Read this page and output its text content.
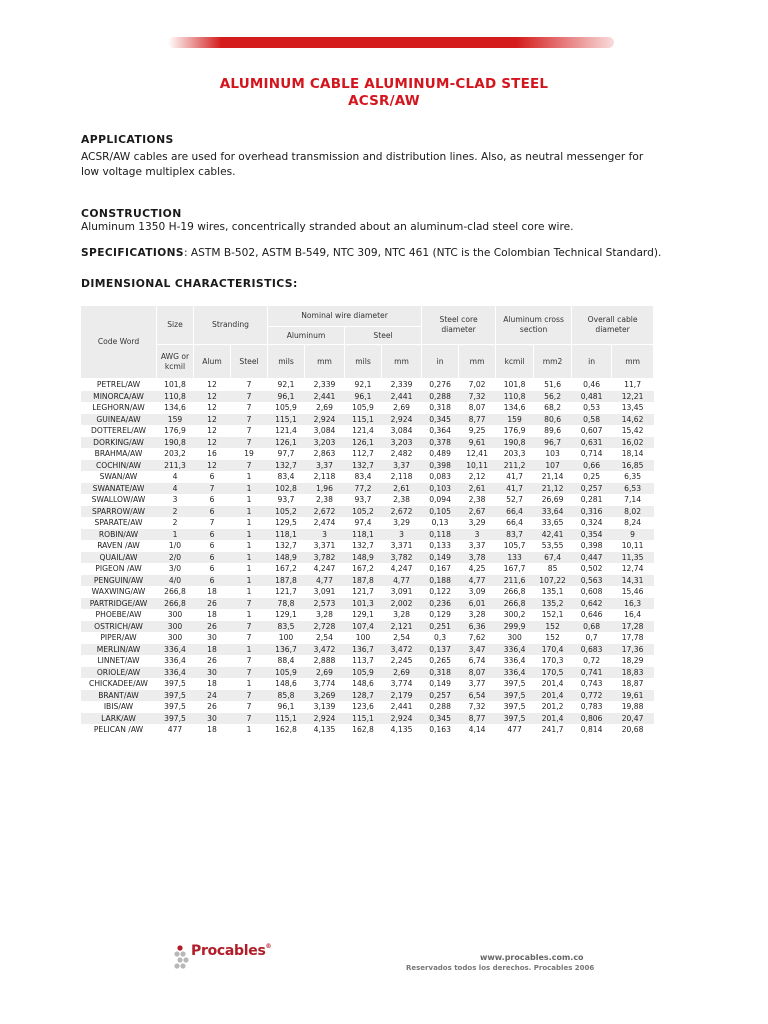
ALUMINUM CABLE ALUMINUM-CLAD STEEL
ACSR/AW
APPLICATIONS
ACSR/AW cables are used for overhead transmission and distribution lines. Also, as neutral messenger for
low voltage multiplex cables.
CONSTRUCTION
Aluminum 1350 H-19 wires, concentrically stranded about an aluminum-clad steel core wire.
SPECIFICATIONS: ASTM B-502, ASTM B-549, NTC 309, NTC 461 (NTC is the Colombian Technical Standard).
DIMENSIONAL CHARACTERISTICS:
Code Word	Size	Stranding		Nominal wire diameter				Steel core diameter		Aluminum cross section		Overall cable diameter	
				Aluminum		Steel							
	AWG or kcmil	Alum	Steel	mils	mm	mils	mm	in	mm	kcmil	mm2	in	mm
PETREL/AW	101,8	12	7	92,1	2,339	92,1	2,339	0,276	7,02	101,8	51,6	0,46	11,7
MINORCA/AW	110,8	12	7	96,1	2,441	96,1	2,441	0,288	7,32	110,8	56,2	0,481	12,21
LEGHORN/AW	134,6	12	7	105,9	2,69	105,9	2,69	0,318	8,07	134,6	68,2	0,53	13,45
GUINEA/AW	159	12	7	115,1	2,924	115,1	2,924	0,345	8,77	159	80,6	0,58	14,62
DOTTEREL/AW	176,9	12	7	121,4	3,084	121,4	3,084	0,364	9,25	176,9	89,6	0,607	15,42
DORKING/AW	190,8	12	7	126,1	3,203	126,1	3,203	0,378	9,61	190,8	96,7	0,631	16,02
BRAHMA/AW	203,2	16	19	97,7	2,863	112,7	2,482	0,489	12,41	203,3	103	0,714	18,14
COCHIN/AW	211,3	12	7	132,7	3,37	132,7	3,37	0,398	10,11	211,2	107	0,66	16,85
SWAN/AW	4	6	1	83,4	2,118	83,4	2,118	0,083	2,12	41,7	21,14	0,25	6,35
SWANATE/AW	4	7	1	102,8	1,96	77,2	2,61	0,103	2,61	41,7	21,12	0,257	6,53
SWALLOW/AW	3	6	1	93,7	2,38	93,7	2,38	0,094	2,38	52,7	26,69	0,281	7,14
SPARROW/AW	2	6	1	105,2	2,672	105,2	2,672	0,105	2,67	66,4	33,64	0,316	8,02
SPARATE/AW	2	7	1	129,5	2,474	97,4	3,29	0,13	3,29	66,4	33,65	0,324	8,24
ROBIN/AW	1	6	1	118,1	3	118,1	3	0,118	3	83,7	42,41	0,354	9
RAVEN /AW	1/0	6	1	132,7	3,371	132,7	3,371	0,133	3,37	105,7	53,55	0,398	10,11
QUAIL/AW	2/0	6	1	148,9	3,782	148,9	3,782	0,149	3,78	133	67,4	0,447	11,35
PIGEON /AW	3/0	6	1	167,2	4,247	167,2	4,247	0,167	4,25	167,7	85	0,502	12,74
PENGUIN/AW	4/0	6	1	187,8	4,77	187,8	4,77	0,188	4,77	211,6	107,22	0,563	14,31
WAXWING/AW	266,8	18	1	121,7	3,091	121,7	3,091	0,122	3,09	266,8	135,1	0,608	15,46
PARTRIDGE/AW	266,8	26	7	78,8	2,573	101,3	2,002	0,236	6,01	266,8	135,2	0,642	16,3
PHOEBE/AW	300	18	1	129,1	3,28	129,1	3,28	0,129	3,28	300,2	152,1	0,646	16,4
OSTRICH/AW	300	26	7	83,5	2,728	107,4	2,121	0,251	6,36	299,9	152	0,68	17,28
PIPER/AW	300	30	7	100	2,54	100	2,54	0,3	7,62	300	152	0,7	17,78
MERLIN/AW	336,4	18	1	136,7	3,472	136,7	3,472	0,137	3,47	336,4	170,4	0,683	17,36
LINNET/AW	336,4	26	7	88,4	2,888	113,7	2,245	0,265	6,74	336,4	170,3	0,72	18,29
ORIOLE/AW	336,4	30	7	105,9	2,69	105,9	2,69	0,318	8,07	336,4	170,5	0,741	18,83
CHICKADEE/AW	397,5	18	1	148,6	3,774	148,6	3,774	0,149	3,77	397,5	201,4	0,743	18,87
BRANT/AW	397,5	24	7	85,8	3,269	128,7	2,179	0,257	6,54	397,5	201,4	0,772	19,61
IBIS/AW	397,5	26	7	96,1	3,139	123,6	2,441	0,288	7,32	397,5	201,2	0,783	19,88
LARK/AW	397,5	30	7	115,1	2,924	115,1	2,924	0,345	8,77	397,5	201,4	0,806	20,47
PELICAN /AW	477	18	1	162,8	4,135	162,8	4,135	0,163	4,14	477	241,7	0,814	20,68
Procables®
www.procables.com.co
Reservados todos los derechos. Procables 2006
